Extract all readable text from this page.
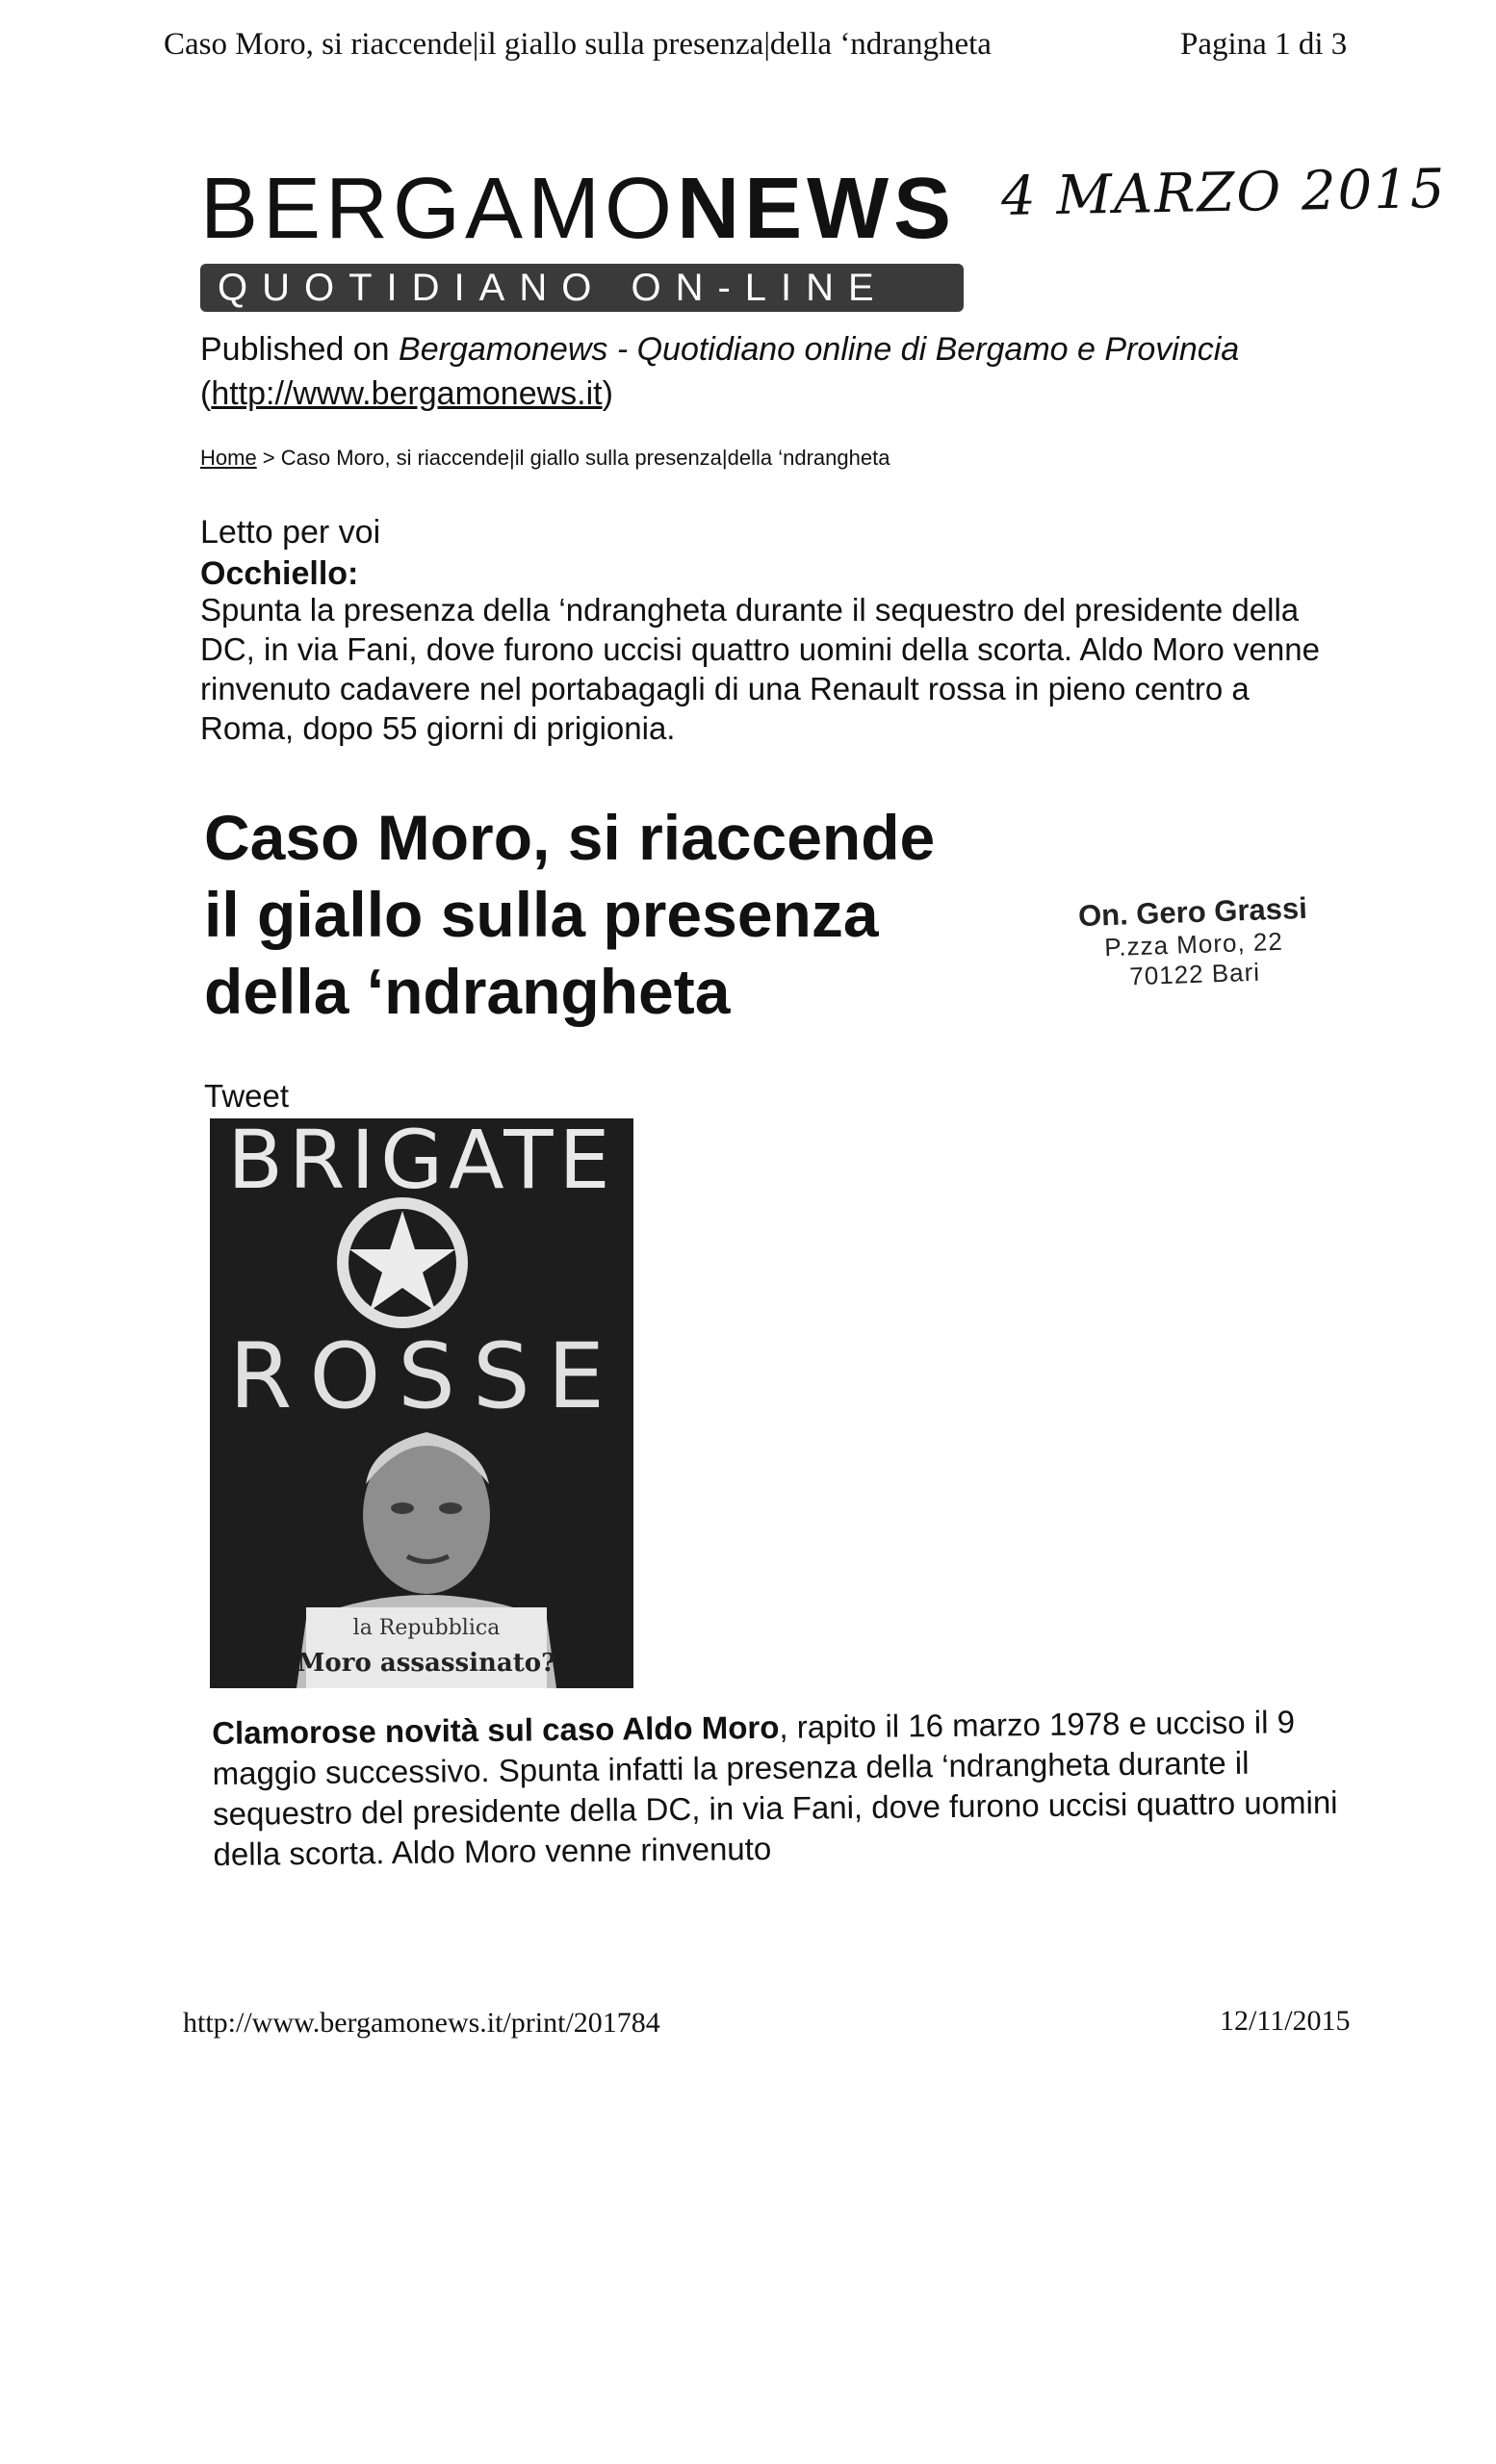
Caso Moro, si riaccende|il giallo sulla presenza|della ‘ndrangheta	Pagina 1 di 3
BERGAMONEWS
QUOTIDIANO ON-LINE
4 MARZO 2015
Published on Bergamonews - Quotidiano online di Bergamo e Provincia
(http://www.bergamonews.it)
Home > Caso Moro, si riaccende|il giallo sulla presenza|della ‘ndrangheta
Letto per voi
Occhiello:
Spunta la presenza della ‘ndrangheta durante il sequestro del presidente della DC, in via Fani, dove furono uccisi quattro uomini della scorta. Aldo Moro venne rinvenuto cadavere nel portabagagli di una Renault rossa in pieno centro a Roma, dopo 55 giorni di prigionia.
Caso Moro, si riaccende
il giallo sulla presenza
della ‘ndrangheta
On. Gero Grassi
P.zza Moro, 22
70122 Bari
Tweet
BRIGATE
ROSSE
la Repubblica
Moro assassinato?
Clamorose novità sul caso Aldo Moro, rapito il 16 marzo 1978 e ucciso il 9 maggio successivo. Spunta infatti la presenza della ‘ndrangheta durante il sequestro del presidente della DC, in via Fani, dove furono uccisi quattro uomini della scorta. Aldo Moro venne rinvenuto
http://www.bergamonews.it/print/201784	12/11/2015
